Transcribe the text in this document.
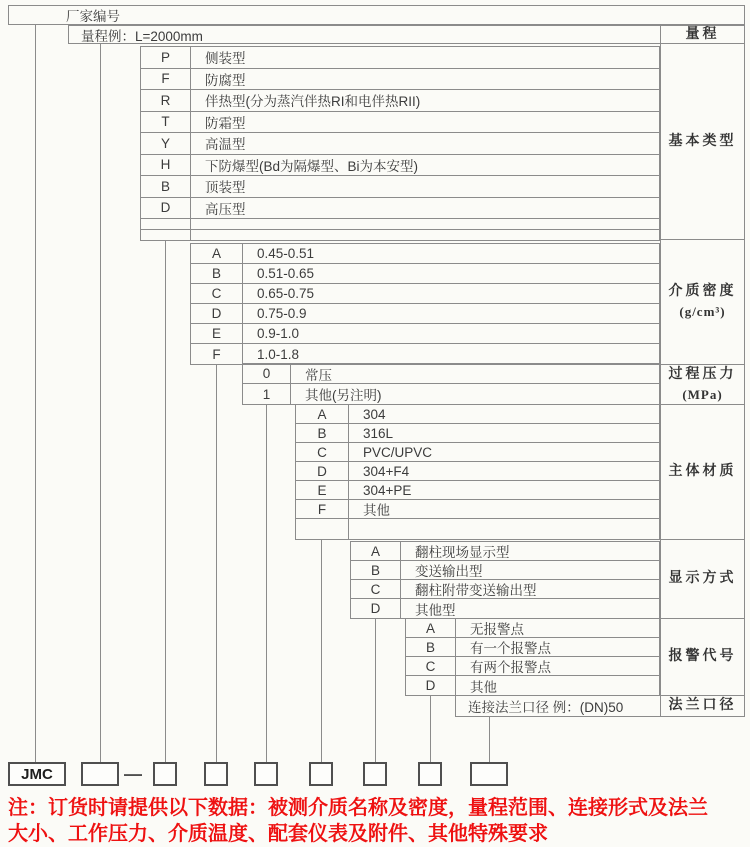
厂家编号
量程例：L=2000mm
P	侧装型
F	防腐型
R	伴热型(分为蒸汽伴热RI和电伴热RII)
T	防霜型
Y	高温型
H	下防爆型(Bd为隔爆型、Bi为本安型)
B	顶装型
D	高压型
A	0.45-0.51
B	0.51-0.65
C	0.65-0.75
D	0.75-0.9
E	0.9-1.0
F	1.0-1.8
0	常压
1	其他(另注明)
A	304
B	316L
C	PVC/UPVC
D	304+F4
E	304+PE
F	其他
A	翻柱现场显示型
B	变送输出型
C	翻柱附带变送输出型
D	其他型
A	无报警点
B	有一个报警点
C	有两个报警点
D	其他
连接法兰口径 例：(DN)50
量程
基本类型
介质密度
(g/cm³)
过程压力
(MPa)
主体材质
显示方式
报警代号
法兰口径
JMC	—
注：订货时请提供以下数据：被测介质名称及密度，量程范围、连接形式及法兰
大小、工作压力、介质温度、配套仪表及附件、其他特殊要求
